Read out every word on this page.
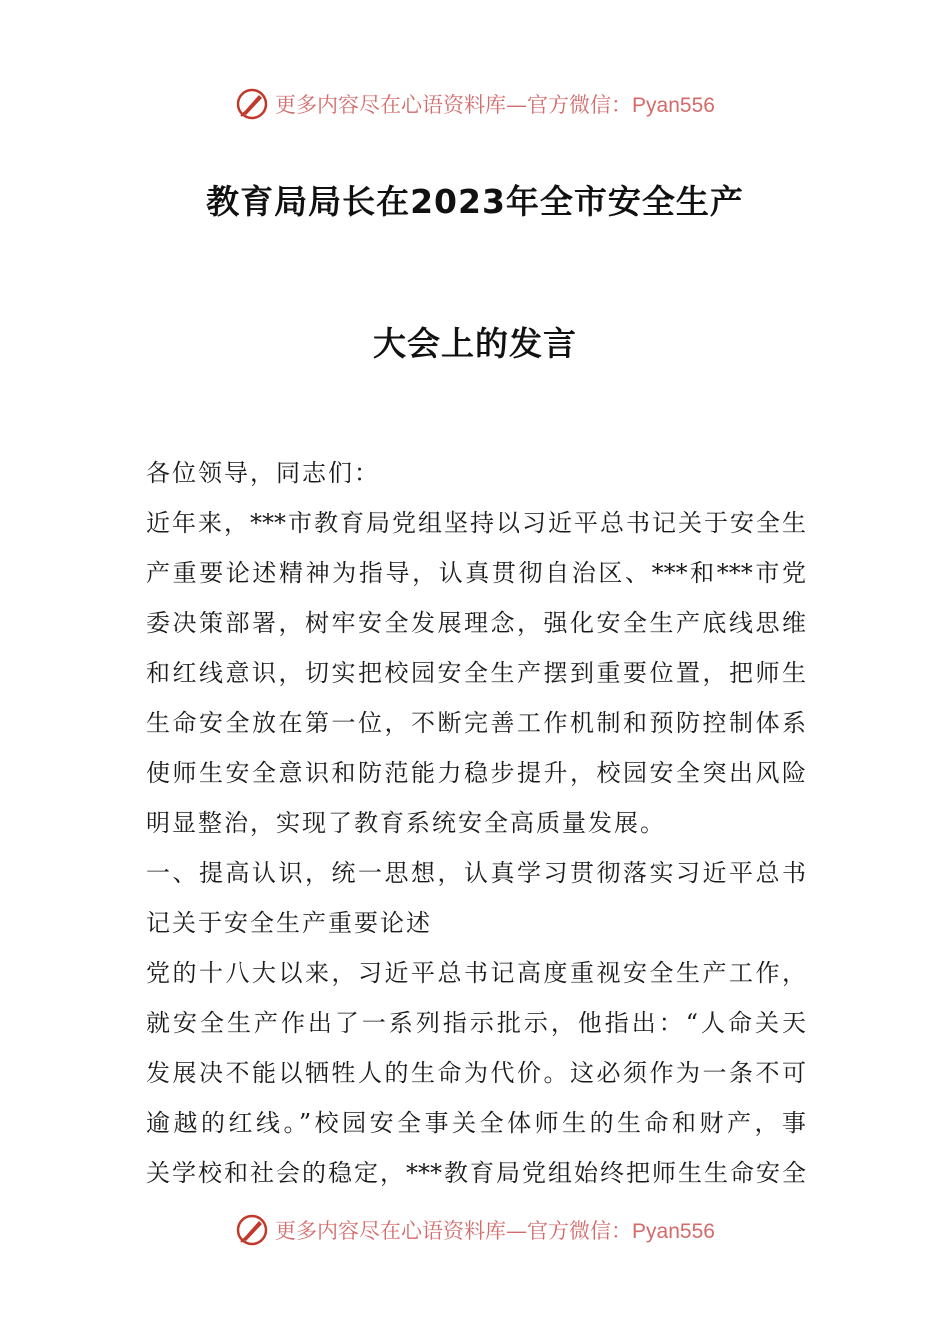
更多内容尽在心语资料库—官方微信：Pyan556
教育局局长在2023年全市安全生产
大会上的发言
各位领导，同志们：
近年来，***市教育局党组坚持以习近平总书记关于安全生
产重要论述精神为指导，认真贯彻自治区、***和***市党
委决策部署，树牢安全发展理念，强化安全生产底线思维
和红线意识，切实把校园安全生产摆到重要位置，把师生
生命安全放在第一位，不断完善工作机制和预防控制体系
使师生安全意识和防范能力稳步提升，校园安全突出风险
明显整治，实现了教育系统安全高质量发展。
一、提高认识，统一思想，认真学习贯彻落实习近平总书
记关于安全生产重要论述
党的十八大以来，习近平总书记高度重视安全生产工作，
就安全生产作出了一系列指示批示，他指出：“人命关天
发展决不能以牺牲人的生命为代价。这必须作为一条不可
逾越的红线。”校园安全事关全体师生的生命和财产，事
关学校和社会的稳定，***教育局党组始终把师生生命安全
更多内容尽在心语资料库—官方微信：Pyan556
